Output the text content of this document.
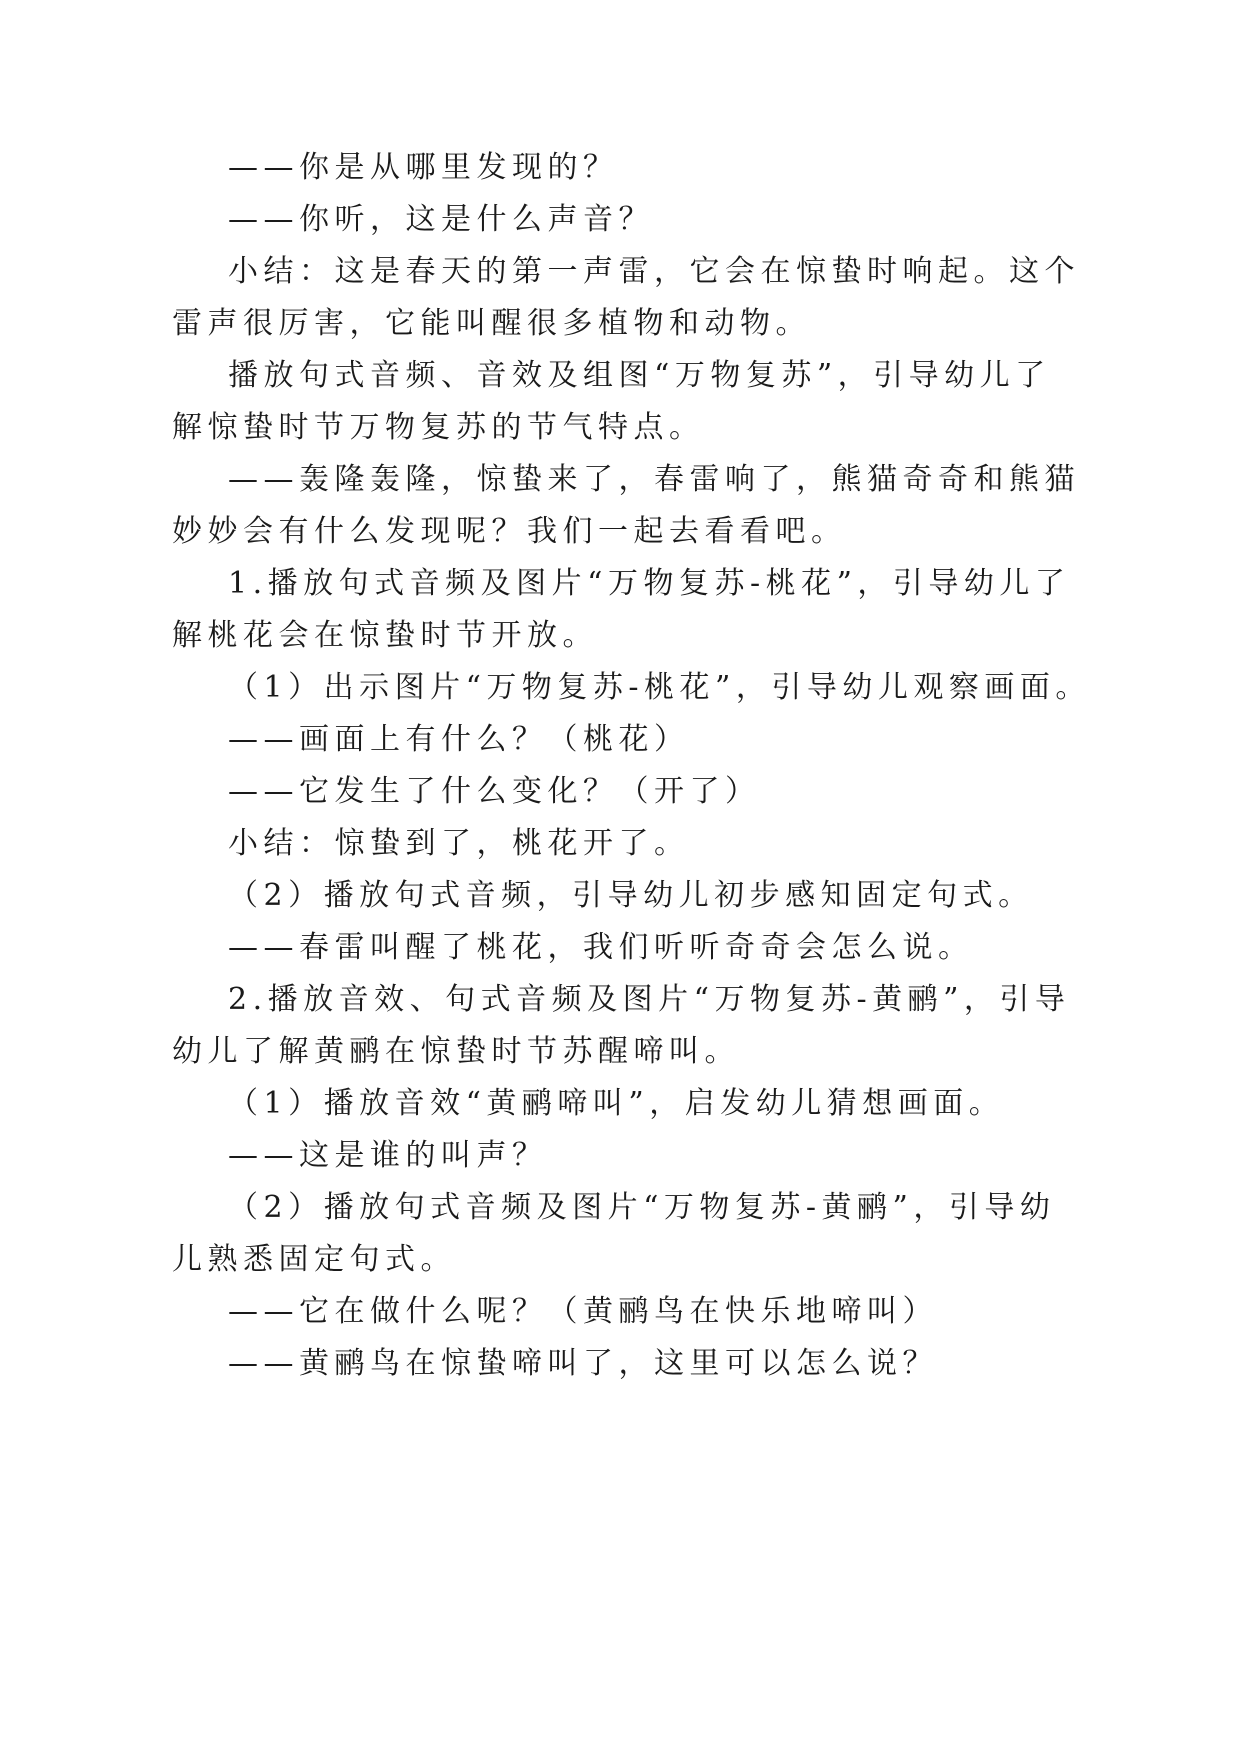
——你是从哪里发现的？
——你听，这是什么声音？
小结：这是春天的第一声雷，它会在惊蛰时响起。这个
雷声很厉害，它能叫醒很多植物和动物。
播放句式音频、音效及组图“万物复苏”，引导幼儿了
解惊蛰时节万物复苏的节气特点。
——轰隆轰隆，惊蛰来了，春雷响了，熊猫奇奇和熊猫
妙妙会有什么发现呢？我们一起去看看吧。
1.播放句式音频及图片“万物复苏-桃花”，引导幼儿了
解桃花会在惊蛰时节开放。
（1）出示图片“万物复苏-桃花”，引导幼儿观察画面。
——画面上有什么？（桃花）
——它发生了什么变化？（开了）
小结：惊蛰到了，桃花开了。
（2）播放句式音频，引导幼儿初步感知固定句式。
——春雷叫醒了桃花，我们听听奇奇会怎么说。
2.播放音效、句式音频及图片“万物复苏-黄鹂”，引导
幼儿了解黄鹂在惊蛰时节苏醒啼叫。
（1）播放音效“黄鹂啼叫”，启发幼儿猜想画面。
——这是谁的叫声？
（2）播放句式音频及图片“万物复苏-黄鹂”，引导幼
儿熟悉固定句式。
——它在做什么呢？（黄鹂鸟在快乐地啼叫）
——黄鹂鸟在惊蛰啼叫了，这里可以怎么说？
